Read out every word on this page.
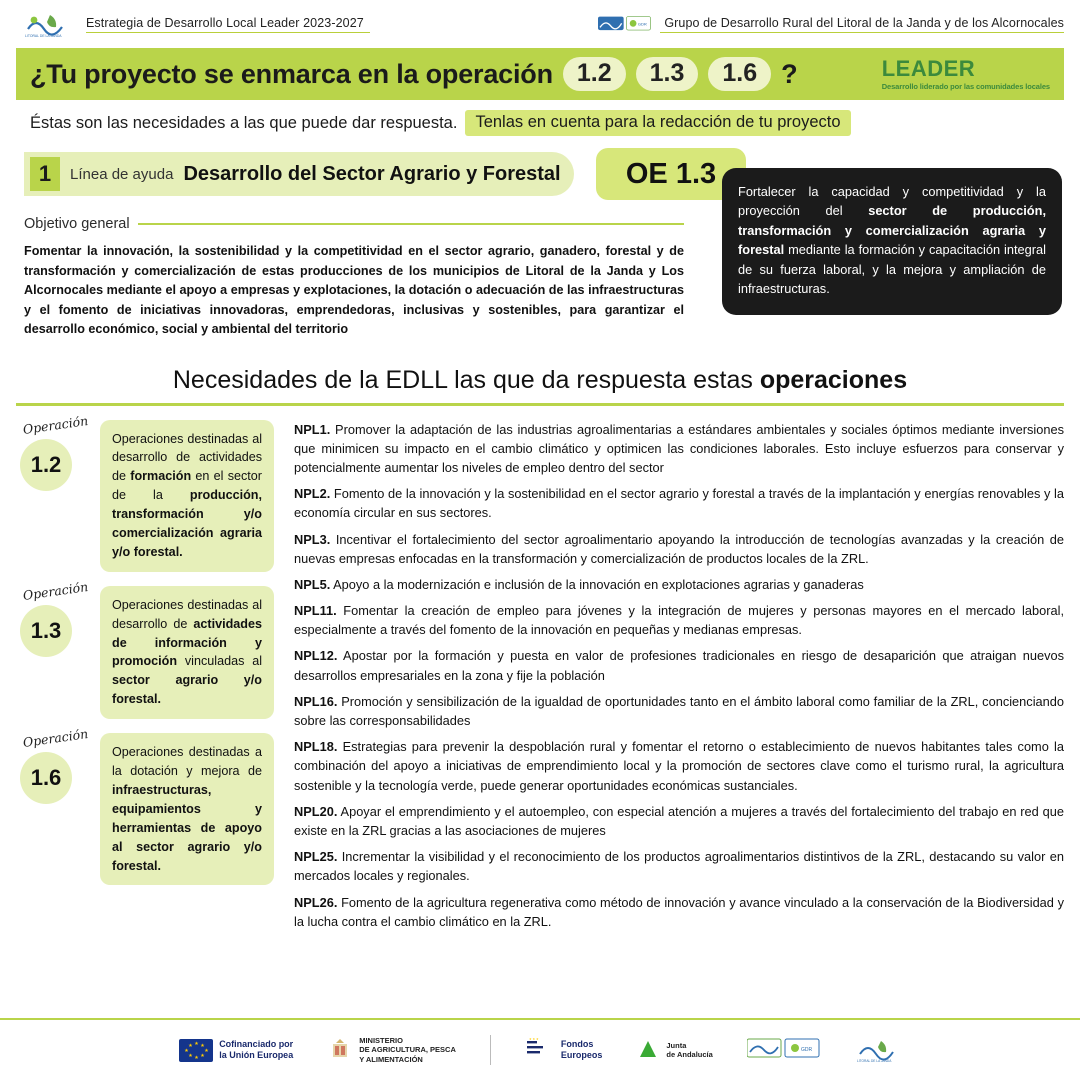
LITORAL DE LA JANDA
Estrategia de Desarrollo Local Leader 2023-2027	GDR	Grupo de Desarrollo Rural del Litoral de la Janda y de los Alcornocales
¿Tu proyecto se enmarca en la operación 1.2	1.3	1.6 ?	LEADER
Desarrollo liderado por las comunidades locales
Éstas son las necesidades a las que puede dar respuesta.	Tenlas en cuenta para la redacción de tu proyecto
1	Línea de ayuda Desarrollo del Sector Agrario y Forestal	OE 1.3
Objetivo general
Fomentar la innovación, la sostenibilidad y la competitividad en el sector agrario, ganadero, forestal y de transformación y comercialización de estas producciones de los municipios de Litoral de la Janda y Los Alcornocales mediante el apoyo a empresas y explotaciones, la dotación o adecuación de las infraestructuras y el fomento de iniciativas innovadoras, emprendedoras, inclusivas y sostenibles, para garantizar el desarrollo económico, social y ambiental del territorio
Fortalecer la capacidad y competitividad y la proyección del sector de producción, transformación y comercialización agraria y forestal mediante la formación y capacitación integral de su fuerza laboral, y la mejora y ampliación de infraestructuras.
Necesidades de la EDLL las que da respuesta estas operaciones
Operación
1.2
Operaciones destinadas al desarrollo de actividades de formación en el sector de la producción, transformación y/o comercialización agraria y/o forestal.
Operación
1.3
Operaciones destinadas al desarrollo de actividades de información y promoción vinculadas al sector agrario y/o forestal.
Operación
1.6
Operaciones destinadas a la dotación y mejora de infraestructuras, equipamientos y herramientas de apoyo al sector agrario y/o forestal.
NPL1. Promover la adaptación de las industrias agroalimentarias a estándares ambientales y sociales óptimos mediante inversiones que minimicen su impacto en el cambio climático y optimicen las condiciones laborales. Esto incluye esfuerzos para conservar y potencialmente aumentar los niveles de empleo dentro del sector
NPL2. Fomento de la innovación y la sostenibilidad en el sector agrario y forestal a través de la implantación y energías renovables y la economía circular en sus sectores.
NPL3. Incentivar el fortalecimiento del sector agroalimentario apoyando la introducción de tecnologías avanzadas y la creación de nuevas empresas enfocadas en la transformación y comercialización de productos locales de la ZRL.
NPL5. Apoyo a la modernización e inclusión de la innovación en explotaciones agrarias y ganaderas
NPL11. Fomentar la creación de empleo para jóvenes y la integración de mujeres y personas mayores en el mercado laboral, especialmente a través del fomento de la innovación en pequeñas y medianas empresas.
NPL12. Apostar por la formación y puesta en valor de profesiones tradicionales en riesgo de desaparición que atraigan nuevos desarrollos empresariales en la zona y fije la población
NPL16. Promoción y sensibilización de la igualdad de oportunidades tanto en el ámbito laboral como familiar de la ZRL, concienciando sobre las corresponsabilidades
NPL18. Estrategias para prevenir la despoblación rural y fomentar el retorno o establecimiento de nuevos habitantes tales como la combinación del apoyo a iniciativas de emprendimiento local y la promoción de sectores clave como el turismo rural, la agricultura sostenible y la tecnología verde, puede generar oportunidades económicas sustanciales.
NPL20. Apoyar el emprendimiento y el autoempleo, con especial atención a mujeres a través del fortalecimiento del trabajo en red que existe en la ZRL gracias a las asociaciones de mujeres
NPL25. Incrementar la visibilidad y el reconocimiento de los productos agroalimentarios distintivos de la ZRL, destacando su valor en mercados locales y regionales.
NPL26. Fomento de la agricultura regenerativa como método de innovación y avance vinculado a la conservación de la Biodiversidad y la lucha contra el cambio climático en la ZRL.
★
★ ★
★	★
★ ★
★
Cofinanciado por
la Unión Europea
MINISTERIO
DE AGRICULTURA, PESCA
Y ALIMENTACIÓN
★ ★ ★ Fondos
Europeos
Junta
de Andalucía	GDR
LITORAL DE LA JANDA
